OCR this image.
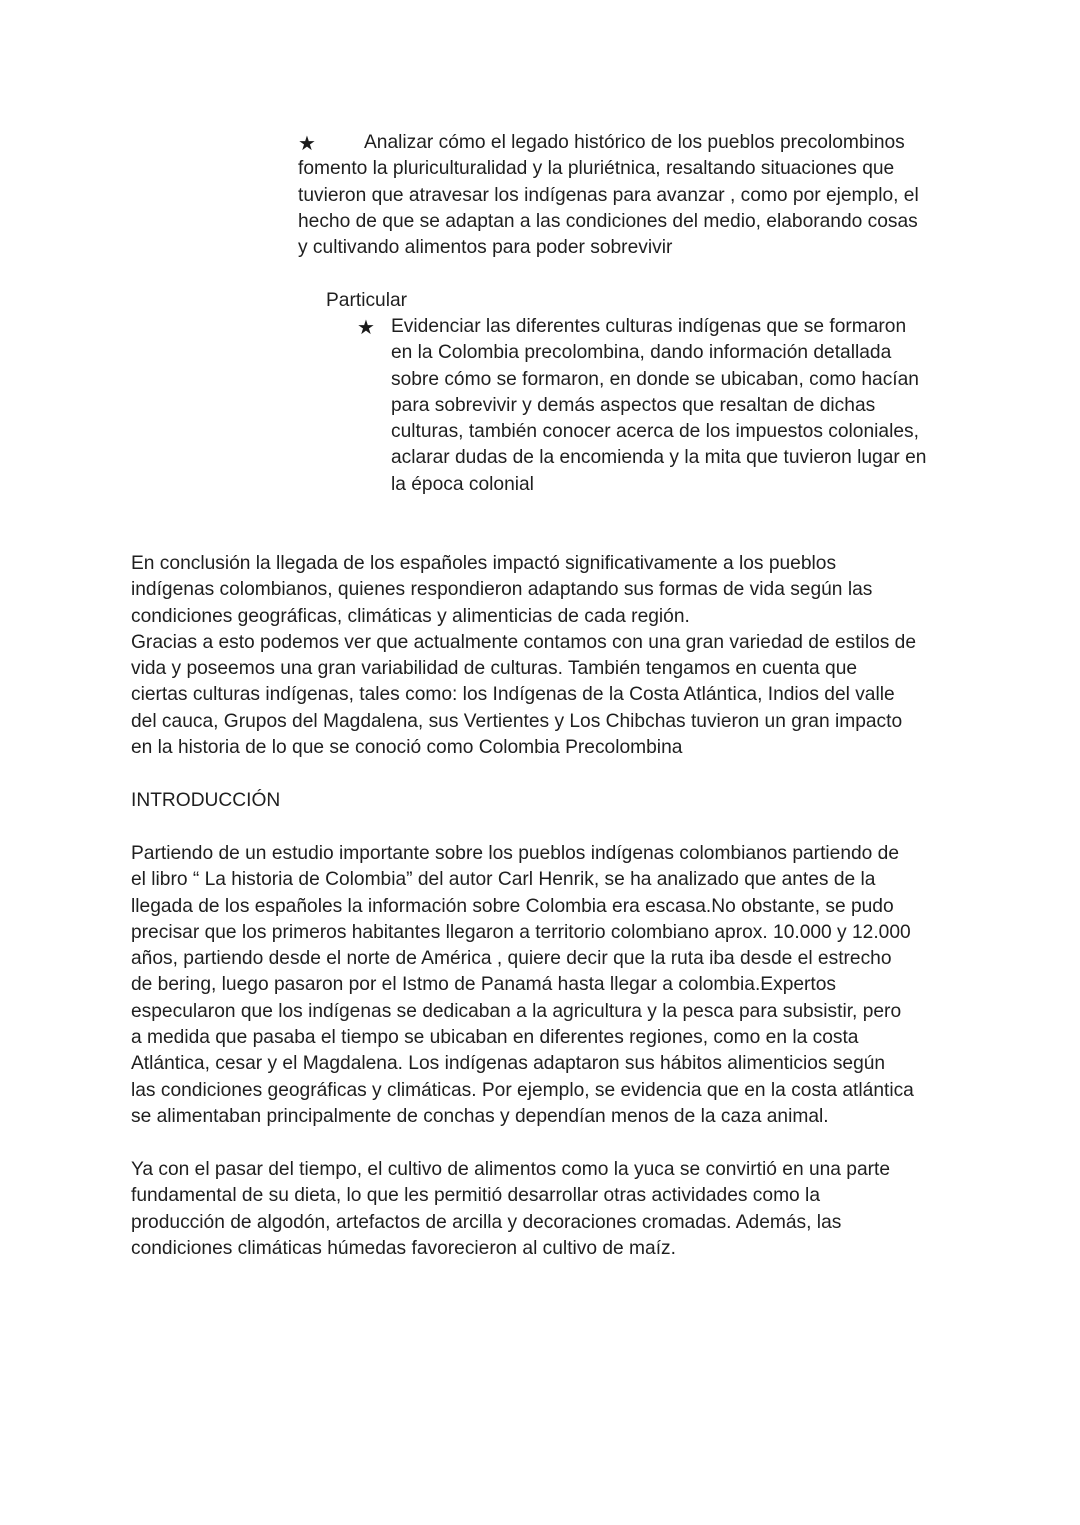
★	Analizar cómo el legado histórico de los pueblos precolombinos
fomento la pluriculturalidad y la pluriétnica, resaltando situaciones que
tuvieron que atravesar los indígenas para avanzar , como por ejemplo, el
hecho de que se adaptan a las condiciones del medio, elaborando cosas
y cultivando alimentos para poder sobrevivir
Particular
★ Evidenciar las diferentes culturas indígenas que se formaron
en la Colombia precolombina, dando información detallada
sobre cómo se formaron, en donde se ubicaban, como hacían
para sobrevivir y demás aspectos que resaltan de dichas
culturas, también conocer acerca de los impuestos coloniales,
aclarar dudas de la encomienda y la mita que tuvieron lugar en
la época colonial
En conclusión la llegada de los españoles impactó significativamente a los pueblos
indígenas colombianos, quienes respondieron adaptando sus formas de vida según las
condiciones geográficas, climáticas y alimenticias de cada región.
Gracias a esto podemos ver que actualmente contamos con una gran variedad de estilos de
vida y poseemos una gran variabilidad de culturas. También tengamos en cuenta que
ciertas culturas indígenas, tales como: los Indígenas de la Costa Atlántica, Indios del valle
del cauca, Grupos del Magdalena, sus Vertientes y Los Chibchas tuvieron un gran impacto
en la historia de lo que se conoció como Colombia Precolombina
INTRODUCCIÓN
Partiendo de un estudio importante sobre los pueblos indígenas colombianos partiendo de
el libro “ La historia de Colombia” del autor Carl Henrik, se ha analizado que antes de la
llegada de los españoles la información sobre Colombia era escasa.No obstante, se pudo
precisar que los primeros habitantes llegaron a territorio colombiano aprox. 10.000 y 12.000
años, partiendo desde el norte de América , quiere decir que la ruta iba desde el estrecho
de bering, luego pasaron por el Istmo de Panamá hasta llegar a colombia.Expertos
especularon que los indígenas se dedicaban a la agricultura y la pesca para subsistir, pero
a medida que pasaba el tiempo se ubicaban en diferentes regiones, como en la costa
Atlántica, cesar y el Magdalena. Los indígenas adaptaron sus hábitos alimenticios según
las condiciones geográficas y climáticas. Por ejemplo, se evidencia que en la costa atlántica
se alimentaban principalmente de conchas y dependían menos de la caza animal.
Ya con el pasar del tiempo, el cultivo de alimentos como la yuca se convirtió en una parte
fundamental de su dieta, lo que les permitió desarrollar otras actividades como la
producción de algodón, artefactos de arcilla y decoraciones cromadas. Además, las
condiciones climáticas húmedas favorecieron al cultivo de maíz.
